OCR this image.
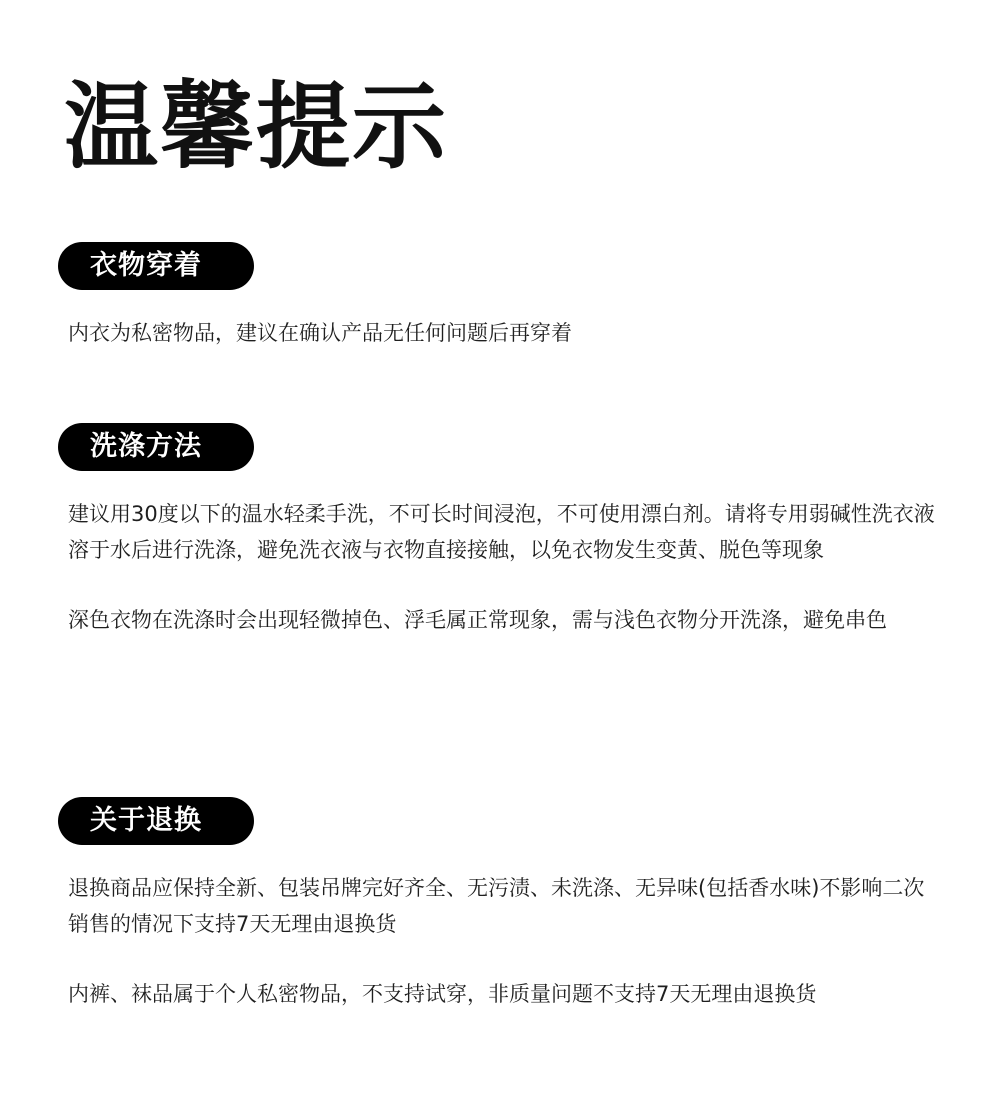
温馨提示
衣物穿着

内衣为私密物品，建议在确认产品无任何问题后再穿着

洗涤方法

建议用30度以下的温水轻柔手洗，不可长时间浸泡，不可使用漂白剂。请将专用弱碱性洗衣液溶于水后进行洗涤，避免洗衣液与衣物直接接触，以免衣物发生变黄、脱色等现象

深色衣物在洗涤时会出现轻微掉色、浮毛属正常现象，需与浅色衣物分开洗涤，避免串色

关于退换

退换商品应保持全新、包装吊牌完好齐全、无污渍、未洗涤、无异味(包括香水味)不影响二次销售的情况下支持7天无理由退换货

内裤、袜品属于个人私密物品，不支持试穿，非质量问题不支持7天无理由退换货
